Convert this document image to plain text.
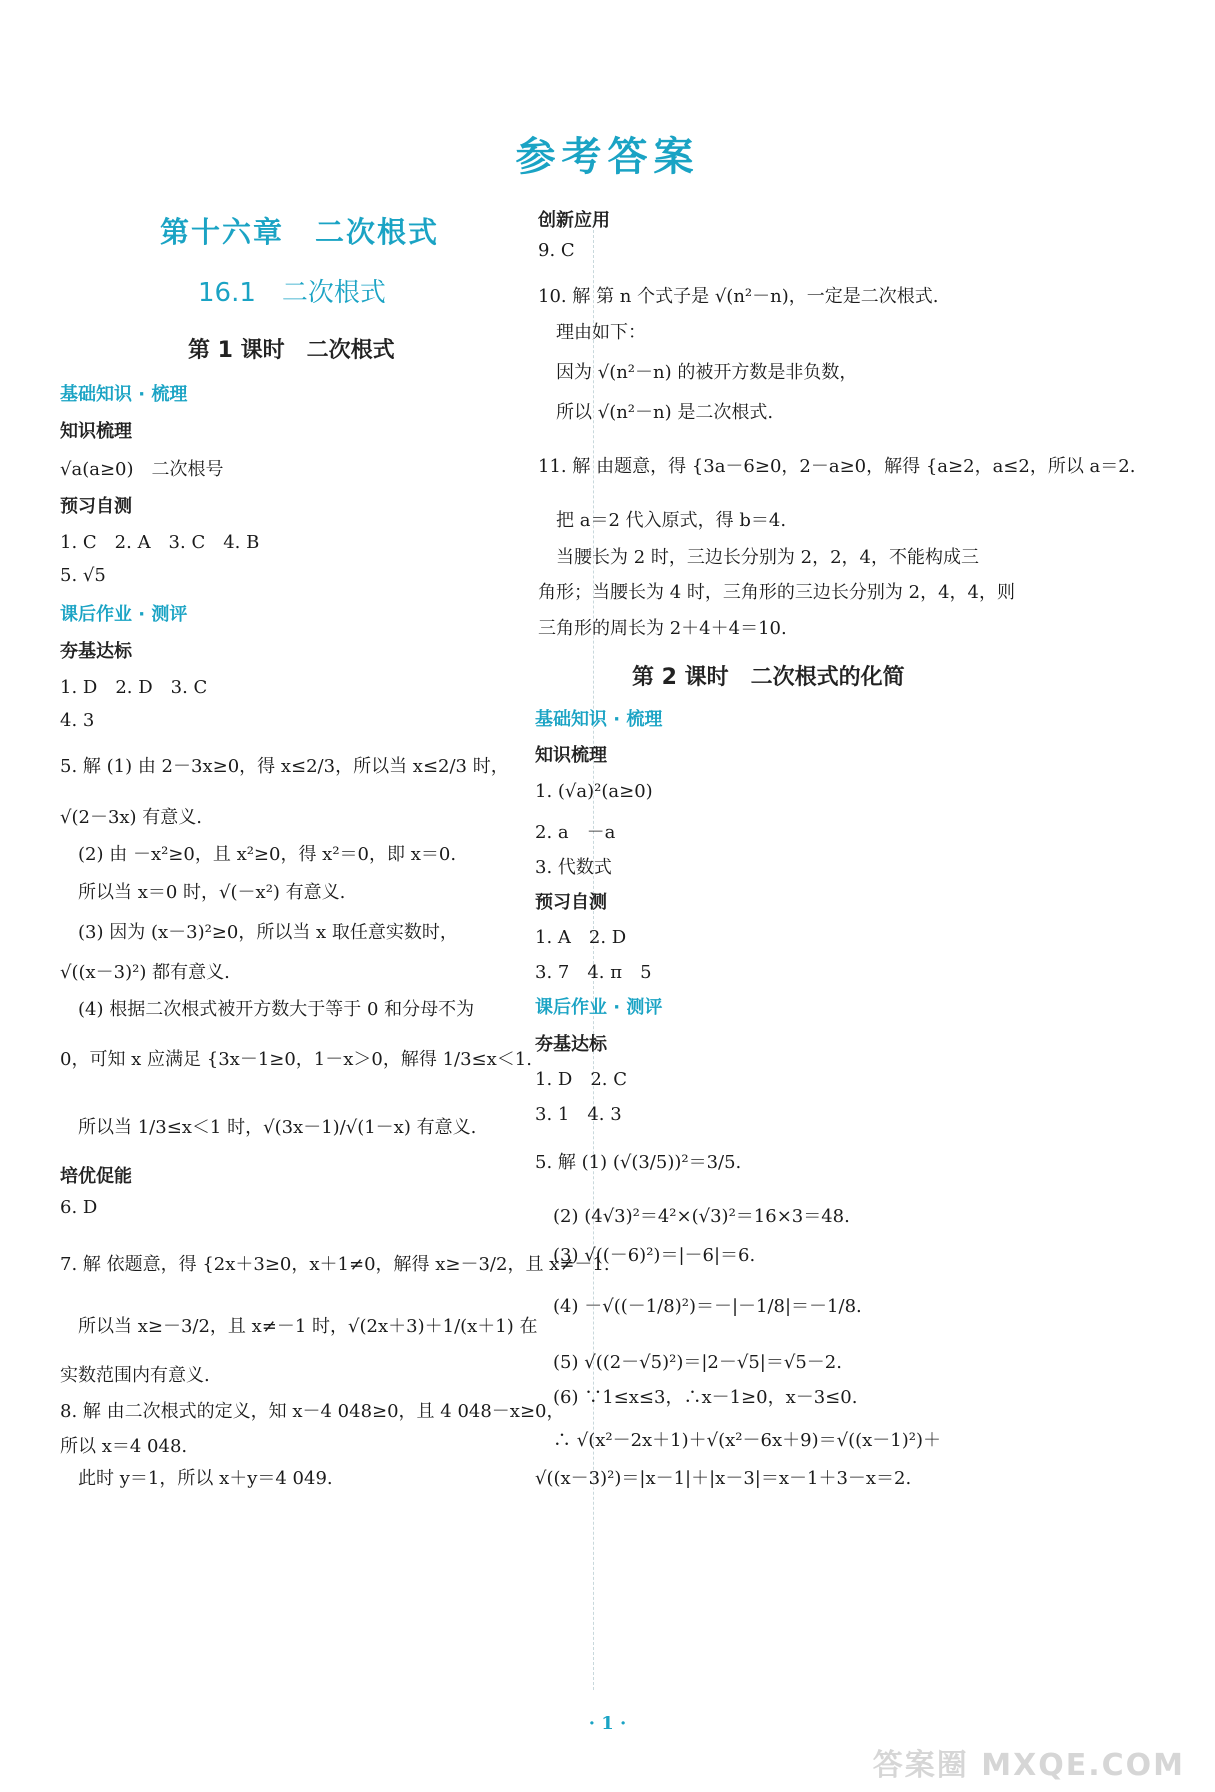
参考答案
第十六章　二次根式
16.1　二次根式
第 1 课时　二次根式
基础知识 · 梳理
知识梳理
√a(a≥0)　二次根号
预习自测
1. C　2. A　3. C　4. B
5. √5
课后作业 · 测评
夯基达标
1. D　2. D　3. C
4. 3
5. 解 (1) 由 2－3x≥0，得 x≤2/3，所以当 x≤2/3 时，
√(2－3x) 有意义.
　(2) 由 －x²≥0，且 x²≥0，得 x²＝0，即 x＝0.
　所以当 x＝0 时，√(－x²) 有意义.
　(3) 因为 (x－3)²≥0，所以当 x 取任意实数时，
√((x－3)²) 都有意义.
　(4) 根据二次根式被开方数大于等于 0 和分母不为
0，可知 x 应满足 {3x－1≥0，1－x＞0，解得 1/3≤x＜1.
　所以当 1/3≤x＜1 时，√(3x－1)/√(1－x) 有意义.
培优促能
6. D
7. 解 依题意，得 {2x＋3≥0，x＋1≠0，解得 x≥－3/2，且 x≠－1.
　所以当 x≥－3/2，且 x≠－1 时，√(2x＋3)＋1/(x＋1) 在
实数范围内有意义.
8. 解 由二次根式的定义，知 x－4 048≥0，且 4 048－x≥0，
所以 x＝4 048.
　此时 y＝1，所以 x＋y＝4 049.
创新应用
9. C
10. 解 第 n 个式子是 √(n²－n)，一定是二次根式.
　理由如下：
　因为 √(n²－n) 的被开方数是非负数，
　所以 √(n²－n) 是二次根式.
11. 解 由题意，得 {3a－6≥0，2－a≥0，解得 {a≥2，a≤2，所以 a＝2.
　把 a＝2 代入原式，得 b＝4.
　当腰长为 2 时，三边长分别为 2，2，4，不能构成三
角形；当腰长为 4 时，三角形的三边长分别为 2，4，4，则
三角形的周长为 2＋4＋4＝10.
第 2 课时　二次根式的化简
基础知识 · 梳理
知识梳理
1. (√a)²(a≥0)
2. a　－a
3. 代数式
预习自测
1. A　2. D
3. 7　4. π　5
课后作业 · 测评
夯基达标
1. D　2. C
3. 1　4. 3
5. 解 (1) (√(3/5))²＝3/5.
　(2) (4√3)²＝4²×(√3)²＝16×3＝48.
　(3) √((－6)²)＝|－6|＝6.
　(4) －√((－1/8)²)＝－|－1/8|＝－1/8.
　(5) √((2－√5)²)＝|2－√5|＝√5－2.
　(6) ∵1≤x≤3，∴x－1≥0，x－3≤0.
　∴ √(x²－2x＋1)＋√(x²－6x＋9)＝√((x－1)²)＋
√((x－3)²)＝|x－1|＋|x－3|＝x－1＋3－x＝2.
· 1 ·
答案圈 MXQE.COM
